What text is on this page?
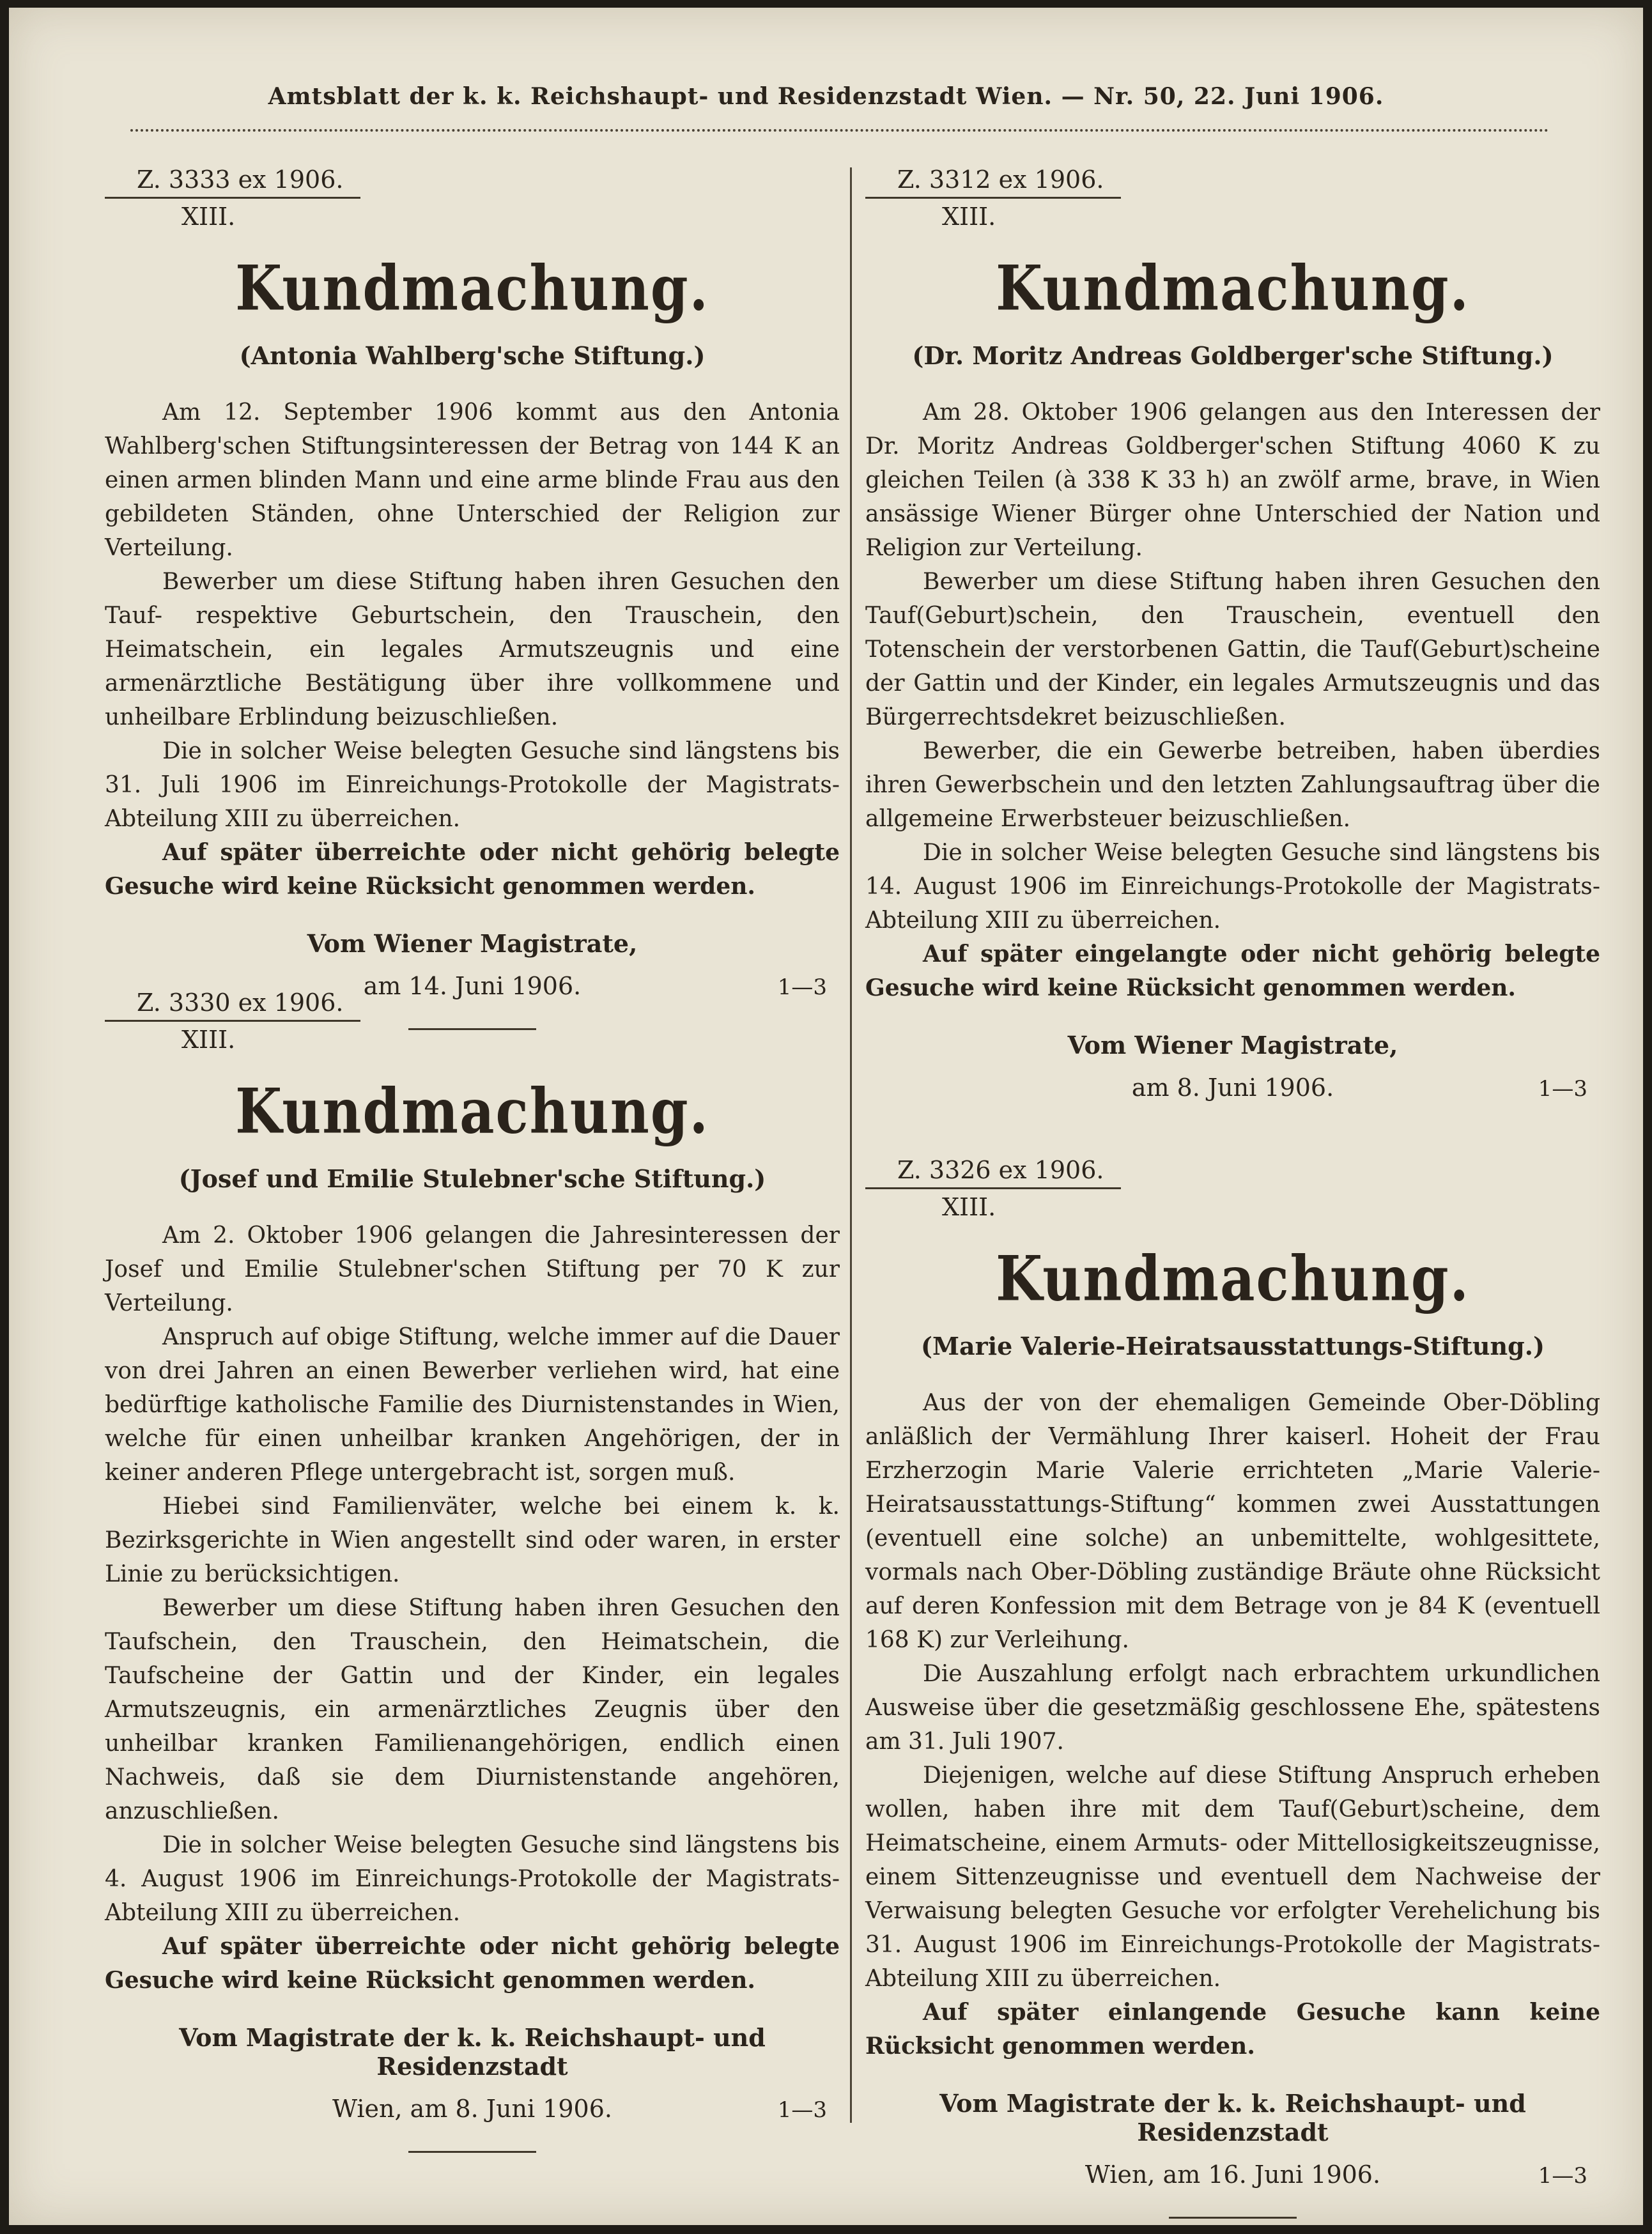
Amtsblatt der k. k. Reichshaupt- und Residenzstadt Wien. — Nr. 50, 22. Juni 1906.
Z. 3333 ex 1906.
XIII.
Kundmachung.
(Antonia Wahlberg'sche Stiftung.)

Am 12. September 1906 kommt aus den Antonia Wahlberg'schen Stiftungsinteressen der Betrag von 144 K an einen armen blinden Mann und eine arme blinde Frau aus den gebildeten Ständen, ohne Unterschied der Religion zur Verteilung.

Bewerber um diese Stiftung haben ihren Gesuchen den Tauf- respektive Geburtschein, den Trauschein, den Heimatschein, ein legales Armutszeugnis und eine armenärztliche Bestätigung über ihre vollkommene und unheilbare Erblindung beizuschließen.

Die in solcher Weise belegten Gesuche sind längstens bis 31. Juli 1906 im Einreichungs-Protokolle der Magistrats-Abteilung XIII zu überreichen.

Auf später überreichte oder nicht gehörig belegte Gesuche wird keine Rücksicht genommen werden.

Vom Wiener Magistrate,
am 14. Juni 1906.	1—3
Z. 3330 ex 1906.
XIII.
Kundmachung.
(Josef und Emilie Stulebner'sche Stiftung.)

Am 2. Oktober 1906 gelangen die Jahresinteressen der Josef und Emilie Stulebner'schen Stiftung per 70 K zur Verteilung.

Anspruch auf obige Stiftung, welche immer auf die Dauer von drei Jahren an einen Bewerber verliehen wird, hat eine bedürftige katholische Familie des Diurnistenstandes in Wien, welche für einen unheilbar kranken Angehörigen, der in keiner anderen Pflege untergebracht ist, sorgen muß.

Hiebei sind Familienväter, welche bei einem k. k. Bezirksgerichte in Wien angestellt sind oder waren, in erster Linie zu berücksichtigen.

Bewerber um diese Stiftung haben ihren Gesuchen den Taufschein, den Trauschein, den Heimatschein, die Taufscheine der Gattin und der Kinder, ein legales Armutszeugnis, ein armenärztliches Zeugnis über den unheilbar kranken Familienangehörigen, endlich einen Nachweis, daß sie dem Diurnistenstande angehören, anzuschließen.

Die in solcher Weise belegten Gesuche sind längstens bis 4. August 1906 im Einreichungs-Protokolle der Magistrats-Abteilung XIII zu überreichen.

Auf später überreichte oder nicht gehörig belegte Gesuche wird keine Rücksicht genommen werden.

Vom Magistrate der k. k. Reichshaupt- und Residenzstadt
Wien, am 8. Juni 1906.	1—3
Z. 3312 ex 1906.
XIII.
Kundmachung.
(Dr. Moritz Andreas Goldberger'sche Stiftung.)

Am 28. Oktober 1906 gelangen aus den Interessen der Dr. Moritz Andreas Goldberger'schen Stiftung 4060 K zu gleichen Teilen (à 338 K 33 h) an zwölf arme, brave, in Wien ansässige Wiener Bürger ohne Unterschied der Nation und Religion zur Verteilung.

Bewerber um diese Stiftung haben ihren Gesuchen den Tauf(Geburt)schein, den Trauschein, eventuell den Totenschein der verstorbenen Gattin, die Tauf(Geburt)scheine der Gattin und der Kinder, ein legales Armutszeugnis und das Bürgerrechtsdekret beizuschließen.

Bewerber, die ein Gewerbe betreiben, haben überdies ihren Gewerbschein und den letzten Zahlungsauftrag über die allgemeine Erwerbsteuer beizuschließen.

Die in solcher Weise belegten Gesuche sind längstens bis 14. August 1906 im Einreichungs-Protokolle der Magistrats-Abteilung XIII zu überreichen.

Auf später eingelangte oder nicht gehörig belegte Gesuche wird keine Rücksicht genommen werden.

Vom Wiener Magistrate,
am 8. Juni 1906.	1—3
Z. 3326 ex 1906.
XIII.
Kundmachung.
(Marie Valerie-Heiratsausstattungs-Stiftung.)

Aus der von der ehemaligen Gemeinde Ober-Döbling anläßlich der Vermählung Ihrer kaiserl. Hoheit der Frau Erzherzogin Marie Valerie errichteten „Marie Valerie-Heiratsausstattungs-Stiftung“ kommen zwei Ausstattungen (eventuell eine solche) an unbemittelte, wohlgesittete, vormals nach Ober-Döbling zuständige Bräute ohne Rücksicht auf deren Konfession mit dem Betrage von je 84 K (eventuell 168 K) zur Verleihung.

Die Auszahlung erfolgt nach erbrachtem urkundlichen Ausweise über die gesetzmäßig geschlossene Ehe, spätestens am 31. Juli 1907.

Diejenigen, welche auf diese Stiftung Anspruch erheben wollen, haben ihre mit dem Tauf(Geburt)scheine, dem Heimatscheine, einem Armuts- oder Mittellosigkeitszeugnisse, einem Sittenzeugnisse und eventuell dem Nachweise der Verwaisung belegten Gesuche vor erfolgter Verehelichung bis 31. August 1906 im Einreichungs-Protokolle der Magistrats-Abteilung XIII zu überreichen.

Auf später einlangende Gesuche kann keine Rücksicht genommen werden.

Vom Magistrate der k. k. Reichshaupt- und Residenzstadt
Wien, am 16. Juni 1906.	1—3
